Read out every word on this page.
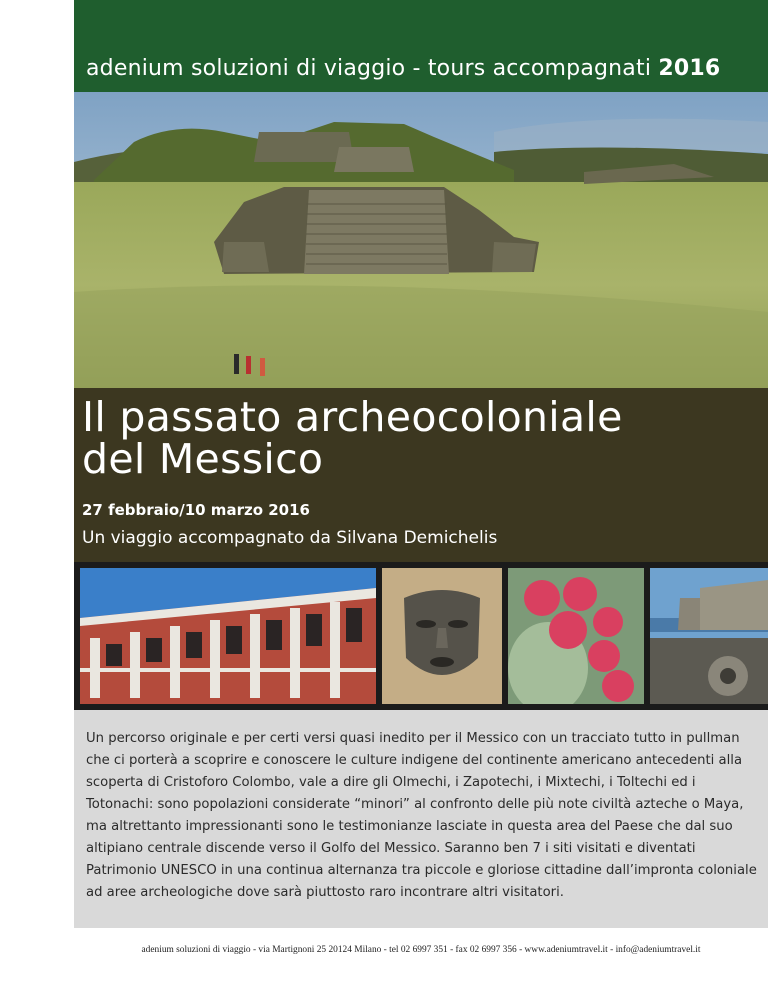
adenium soluzioni di viaggio - tours accompagnati 2016
Il passato archeocoloniale
del Messico
27 febbraio/10 marzo 2016
Un viaggio accompagnato da Silvana Demichelis

Un percorso originale e per certi versi quasi inedito per il Messico con un tracciato tutto in pullman che ci porterà a scoprire e conoscere le culture indigene del continente americano antecedenti alla scoperta di Cristoforo Colombo, vale a dire gli Olmechi, i Zapotechi, i Mixtechi, i Toltechi ed i Totonachi: sono popolazioni considerate “minori” al confronto delle più note civiltà azteche o Maya, ma altrettanto impressionanti sono le testimonianze lasciate in questa area del Paese che dal suo altipiano centrale discende verso il Golfo del Messico. Saranno ben 7 i siti visitati e diventati Patrimonio UNESCO in una continua alternanza tra piccole e gloriose cittadine dall’impronta coloniale ad aree archeologiche dove sarà piuttosto raro incontrare altri visitatori.

adenium soluzioni di viaggio - via Martignoni 25 20124 Milano - tel 02 6997 351 - fax 02 6997 356 - www.adeniumtravel.it - info@adeniumtravel.it
